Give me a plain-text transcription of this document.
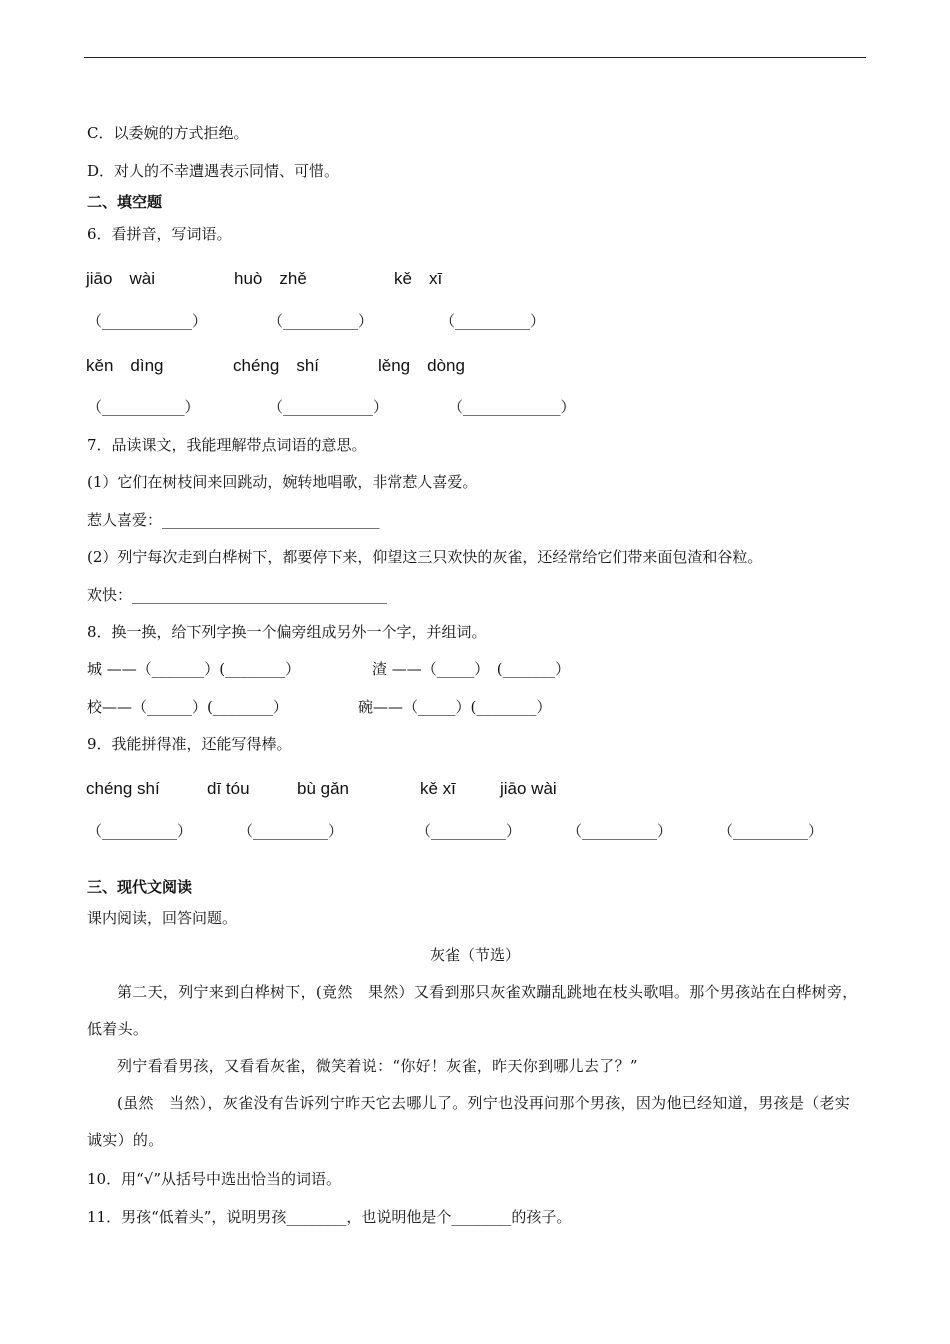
C．以委婉的方式拒绝。
D．对人的不幸遭遇表示同情、可惜。
二、填空题
6．看拼音，写词语。
jiāo　wài	huò　zhě	kě　xī
（____________）	（__________）	（__________）
kěn　dìnɡ	chénɡ　shí	lěnɡ　dònɡ
（___________）	（____________）	（_____________）
7．品读课文，我能理解带点词语的意思。
(1）它们在树枝间来回跳动，婉转地唱歌，非常惹人喜爱。
惹人喜爱：_____________________________
(2）列宁每次走到白桦树下，都要停下来，仰望这三只欢快的灰雀，还经常给它们带来面包渣和谷粒。
欢快：__________________________________
8．换一换，给下列字换一个偏旁组成另外一个字，并组词。
城 ——（_______）(________）	渣 ——（_____）　(_______）
校——（______）(________）	碗——（_____）(________）
9．我能拼得准，还能写得棒。
chéng shí	dī tóu	bù gǎn	kě xī	jiāo wài
（__________）	（__________）	（__________）	（__________）	（__________）
三、现代文阅读
课内阅读，回答问题。
灰雀（节选）
第二天，列宁来到白桦树下，(竟然　果然）又看到那只灰雀欢蹦乱跳地在枝头歌唱。那个男孩站在白桦树旁，低着头。
列宁看看男孩，又看看灰雀，微笑着说：“你好！灰雀，昨天你到哪儿去了？”
(虽然　当然），灰雀没有告诉列宁昨天它去哪儿了。列宁也没再问那个男孩，因为他已经知道，男孩是（老实　诚实）的。
10．用“√”从括号中选出恰当的词语。
11．男孩“低着头”，说明男孩________，也说明他是个________的孩子。
